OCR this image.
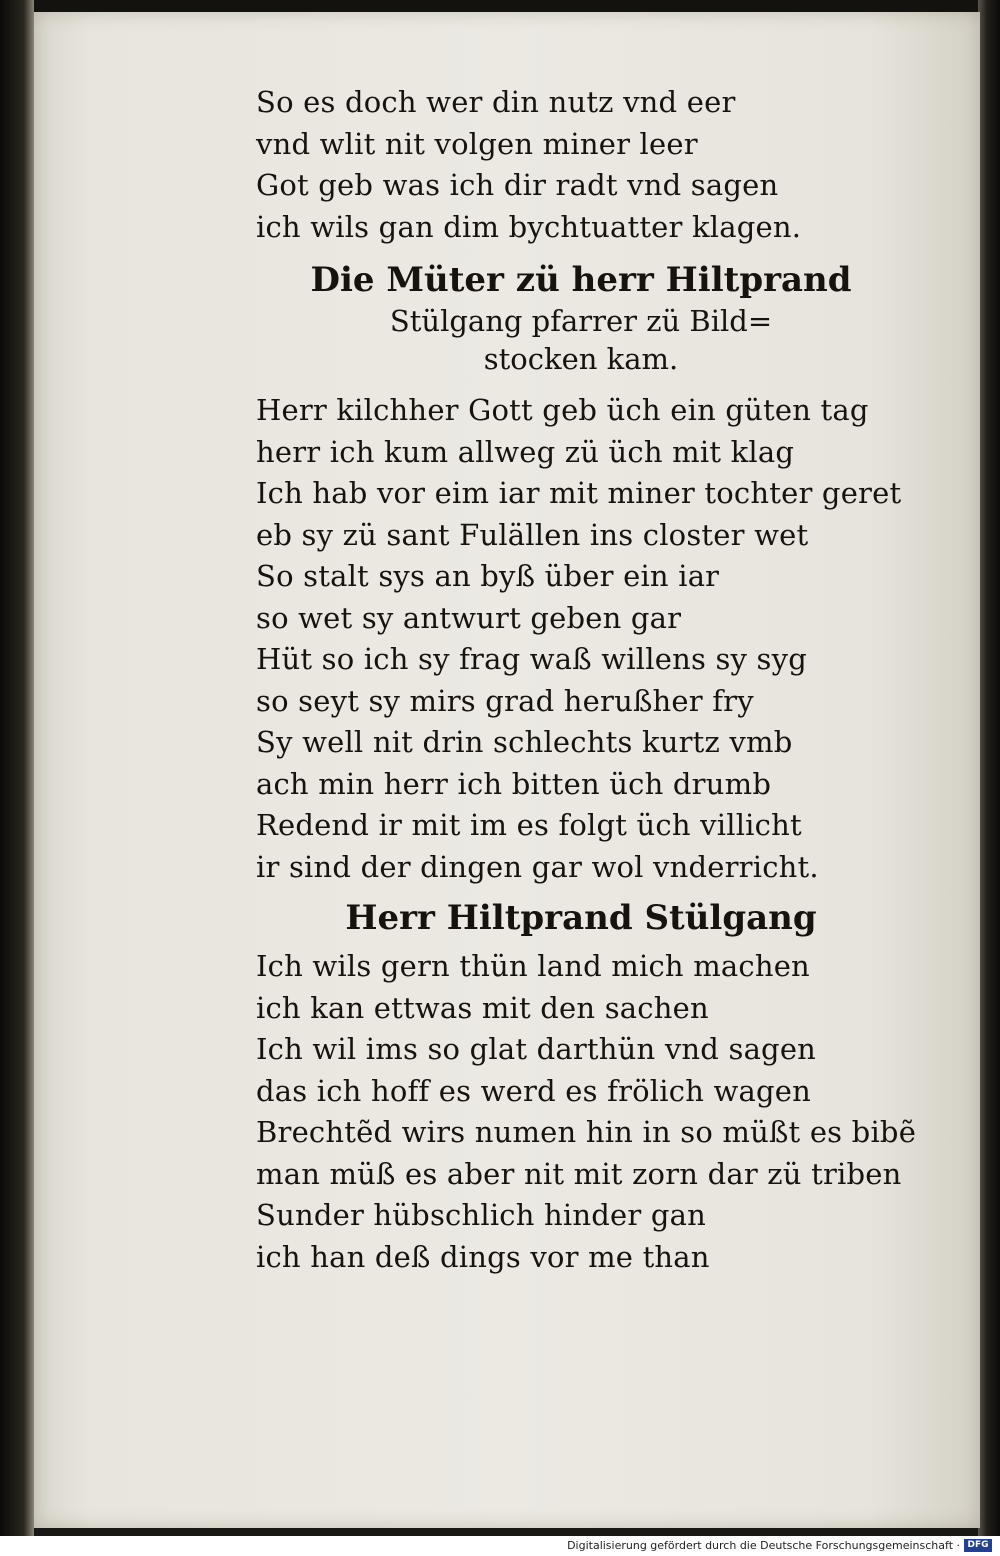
So es doch wer din nutz vnd eer
vnd wlit nit volgen miner leer
Got geb was ich dir radt vnd sagen
ich wils gan dim bychtuatter klagen.
Die Müter zü herr Hiltprand
Stülgang pfarrer zü Bild=
stocken kam.
Herr kilchher Gott geb üch ein güten tag
herr ich kum allweg zü üch mit klag
Ich hab vor eim iar mit miner tochter geret
eb sy zü sant Fulällen ins closter wet
So stalt sys an byß über ein iar
so wet sy antwurt geben gar
Hüt so ich sy frag waß willens sy syg
so seyt sy mirs grad herußher fry
Sy well nit drin schlechts kurtz vmb
ach min herr ich bitten üch drumb
Redend ir mit im es folgt üch villicht
ir sind der dingen gar wol vnderricht.
Herr Hiltprand Stülgang
Ich wils gern thün land mich machen
ich kan ettwas mit den sachen
Ich wil ims so glat darthün vnd sagen
das ich hoff es werd es frölich wagen
Brechtẽd wirs numen hin in so müßt es bibẽ
man müß es aber nit mit zorn dar zü triben
Sunder hübschlich hinder gan
ich han deß dings vor me than
Digitalisierung gefördert durch die Deutsche Forschungsgemeinschaft · DFG
